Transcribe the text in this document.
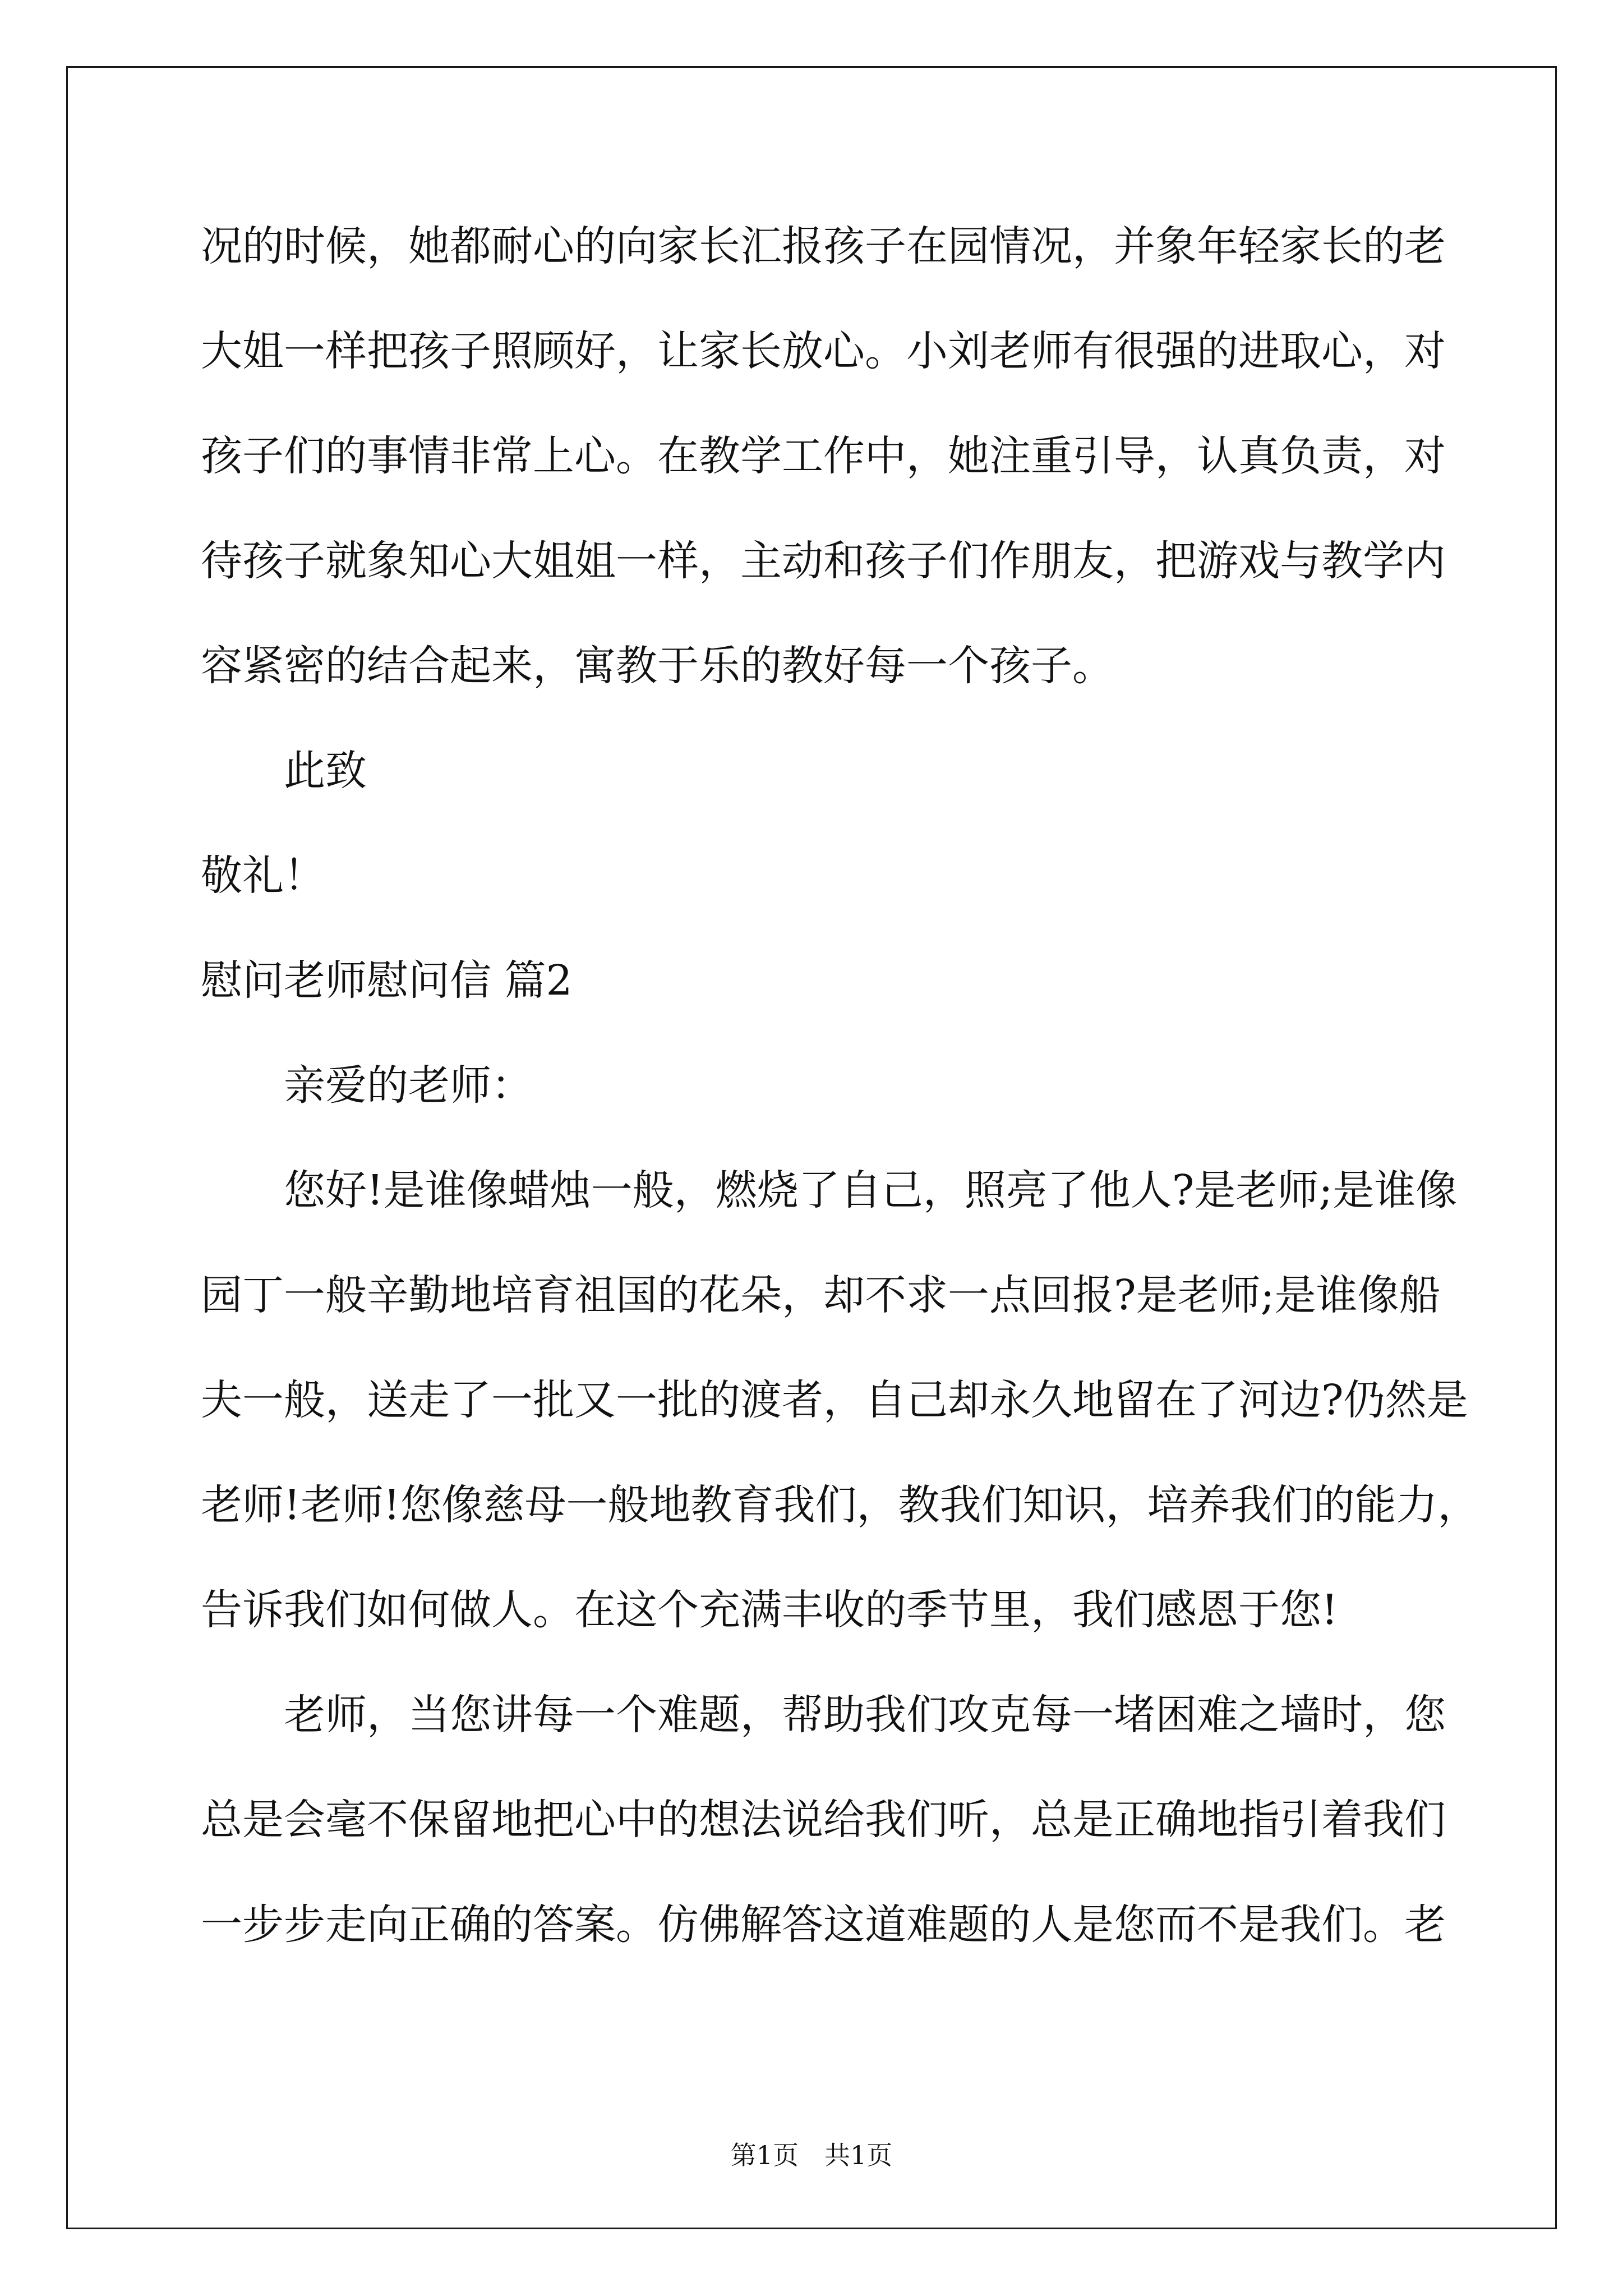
况的时候，她都耐心的向家长汇报孩子在园情况，并象年轻家长的老
大姐一样把孩子照顾好，让家长放心。小刘老师有很强的进取心，对
孩子们的事情非常上心。在教学工作中，她注重引导，认真负责，对
待孩子就象知心大姐姐一样，主动和孩子们作朋友，把游戏与教学内
容紧密的结合起来，寓教于乐的教好每一个孩子。
此致
敬礼！
慰问老师慰问信 篇2
亲爱的老师：
您好!是谁像蜡烛一般，燃烧了自己，照亮了他人?是老师;是谁像
园丁一般辛勤地培育祖国的花朵，却不求一点回报?是老师;是谁像船
夫一般，送走了一批又一批的渡者，自己却永久地留在了河边?仍然是
老师!老师!您像慈母一般地教育我们，教我们知识，培养我们的能力，
告诉我们如何做人。在这个充满丰收的季节里，我们感恩于您!
老师，当您讲每一个难题，帮助我们攻克每一堵困难之墙时，您
总是会毫不保留地把心中的想法说给我们听，总是正确地指引着我们
一步步走向正确的答案。仿佛解答这道难题的人是您而不是我们。老
第1页　共1页
